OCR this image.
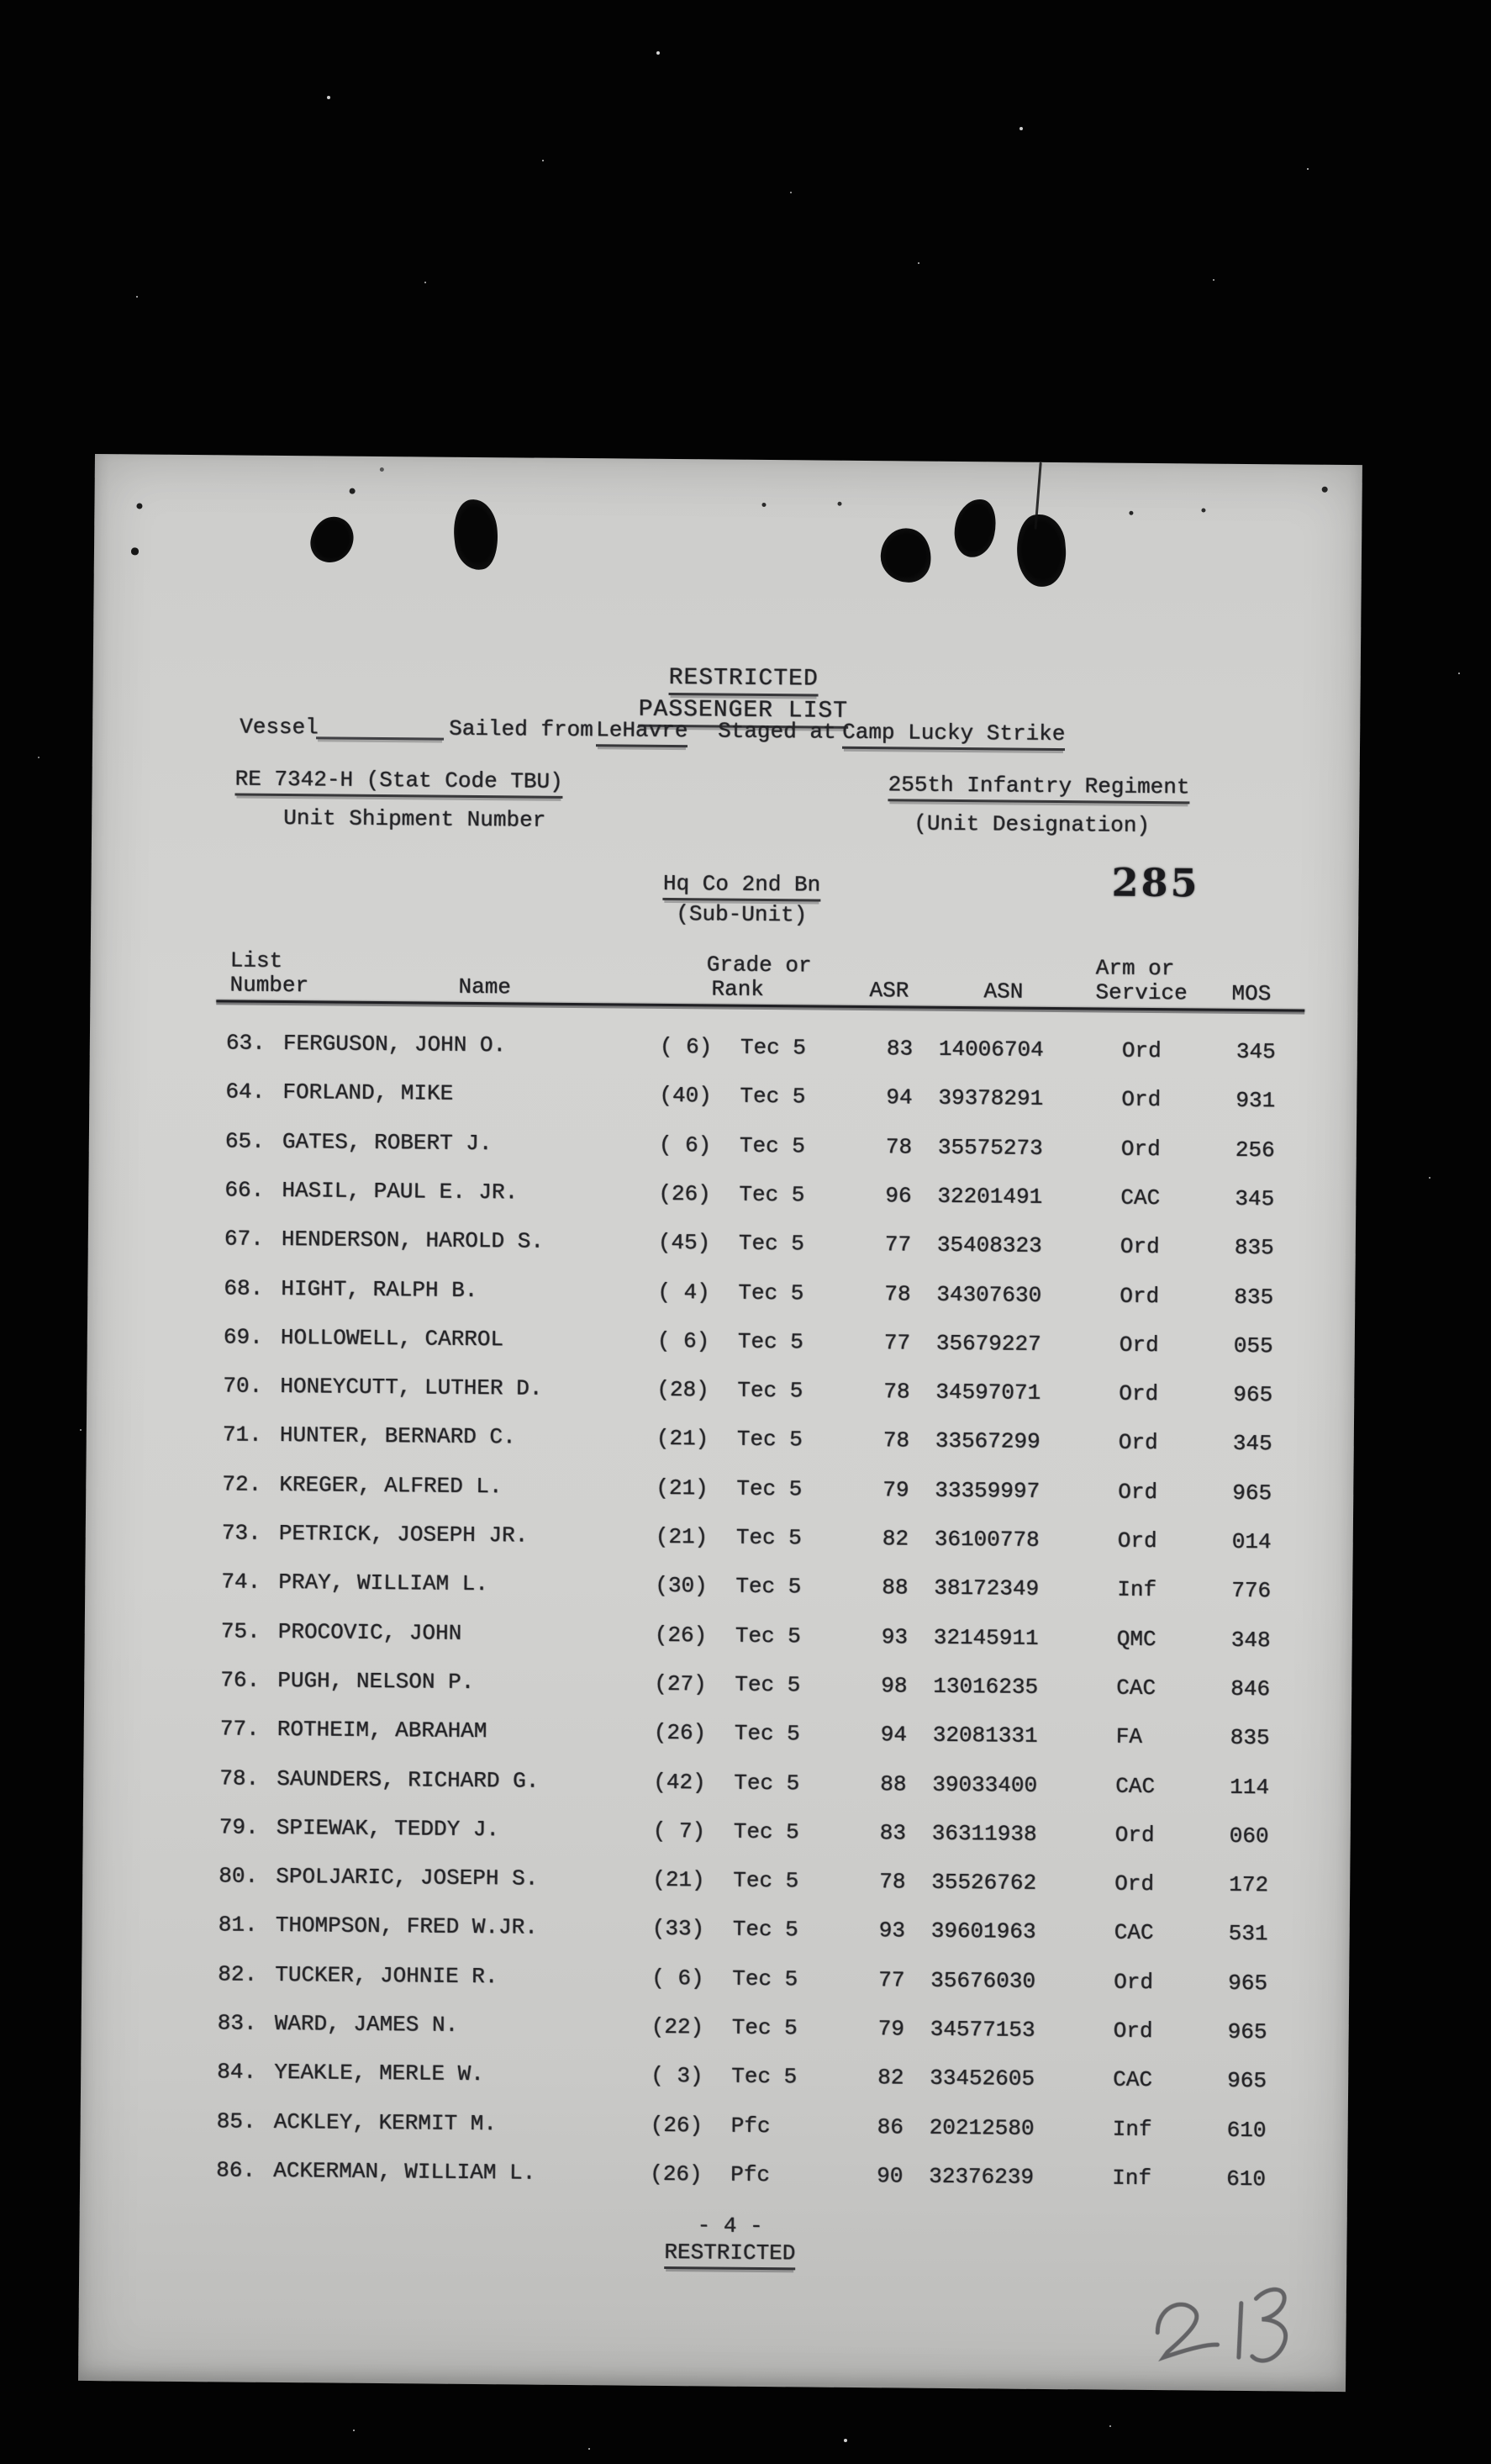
RESTRICTED
PASSENGER LIST
Vessel	Sailed from LeHavre Staged at Camp Lucky Strike
RE 7342-H (Stat Code TBU)
Unit Shipment Number
255th Infantry Regiment
(Unit Designation)
Hq Co 2nd Bn
(Sub-Unit)
285
List
Number	Name
Grade or
Rank	ASR	ASN
Arm or
Service MOS
63. FERGUSON, JOHN O.	( 6) Tec 5	83 14006704	Ord	345
64. FORLAND, MIKE	(40) Tec 5	94 39378291	Ord	931
65. GATES, ROBERT J.	( 6) Tec 5	78 35575273	Ord	256
66. HASIL, PAUL E. JR.	(26) Tec 5	96 32201491	CAC	345
67. HENDERSON, HAROLD S.	(45) Tec 5	77 35408323	Ord	835
68. HIGHT, RALPH B.	( 4) Tec 5	78 34307630	Ord	835
69. HOLLOWELL, CARROL	( 6) Tec 5	77 35679227	Ord	055
70. HONEYCUTT, LUTHER D.	(28) Tec 5	78 34597071	Ord	965
71. HUNTER, BERNARD C.	(21) Tec 5	78 33567299	Ord	345
72. KREGER, ALFRED L.	(21) Tec 5	79 33359997	Ord	965
73. PETRICK, JOSEPH JR.	(21) Tec 5	82 36100778	Ord	014
74. PRAY, WILLIAM L.	(30) Tec 5	88 38172349	Inf	776
75. PROCOVIC, JOHN	(26) Tec 5	93 32145911	QMC	348
76. PUGH, NELSON P.	(27) Tec 5	98 13016235	CAC	846
77. ROTHEIM, ABRAHAM	(26) Tec 5	94 32081331	FA	835
78. SAUNDERS, RICHARD G.	(42) Tec 5	88 39033400	CAC	114
79. SPIEWAK, TEDDY J.	( 7) Tec 5	83 36311938	Ord	060
80. SPOLJARIC, JOSEPH S.	(21) Tec 5	78 35526762	Ord	172
81. THOMPSON, FRED W.JR.	(33) Tec 5	93 39601963	CAC	531
82. TUCKER, JOHNIE R.	( 6) Tec 5	77 35676030	Ord	965
83. WARD, JAMES N.	(22) Tec 5	79 34577153	Ord	965
84. YEAKLE, MERLE W.	( 3) Tec 5	82 33452605	CAC	965
85. ACKLEY, KERMIT M.	(26) Pfc	86 20212580	Inf	610
86. ACKERMAN, WILLIAM L.	(26) Pfc	90 32376239	Inf	610
- 4 -
RESTRICTED
